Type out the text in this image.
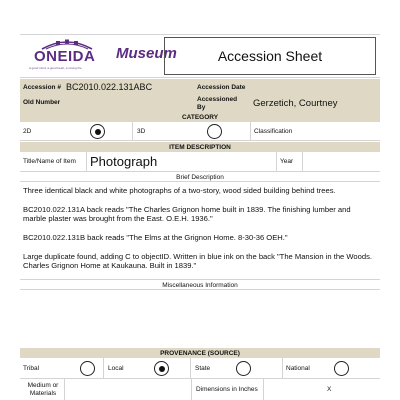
ONEIDA
A good mind, a good heart, a strong fire
Museum	Accession Sheet
Accession # BC2010.022.131ABC	Accession Date
Old Number	Accessioned By	Gerzetich, Courtney
CATEGORY
2D	3D	Classification
ITEM DESCRIPTION
Title/Name of Item Photograph	Year
Brief Description
Three identical black and white photographs of a two-story, wood sided building behind trees.
BC2010.022.131A back reads "The Charles Grignon home built in 1839. The finishing lumber and marble plaster was brought from the East. O.E.H. 1936."
BC2010.022.131B back reads "The Elms at the Grignon Home. 8-30-36 OEH."
Large duplicate found, adding C to objectID. Written in blue ink on the back "The Mansion in the Woods. Charles Grignon Home at Kaukauna. Built in 1839."
Miscellaneous Information
PROVENANCE (SOURCE)
Tribal	Local	State	National
Medium or Materials	Dimensions in Inches	X
